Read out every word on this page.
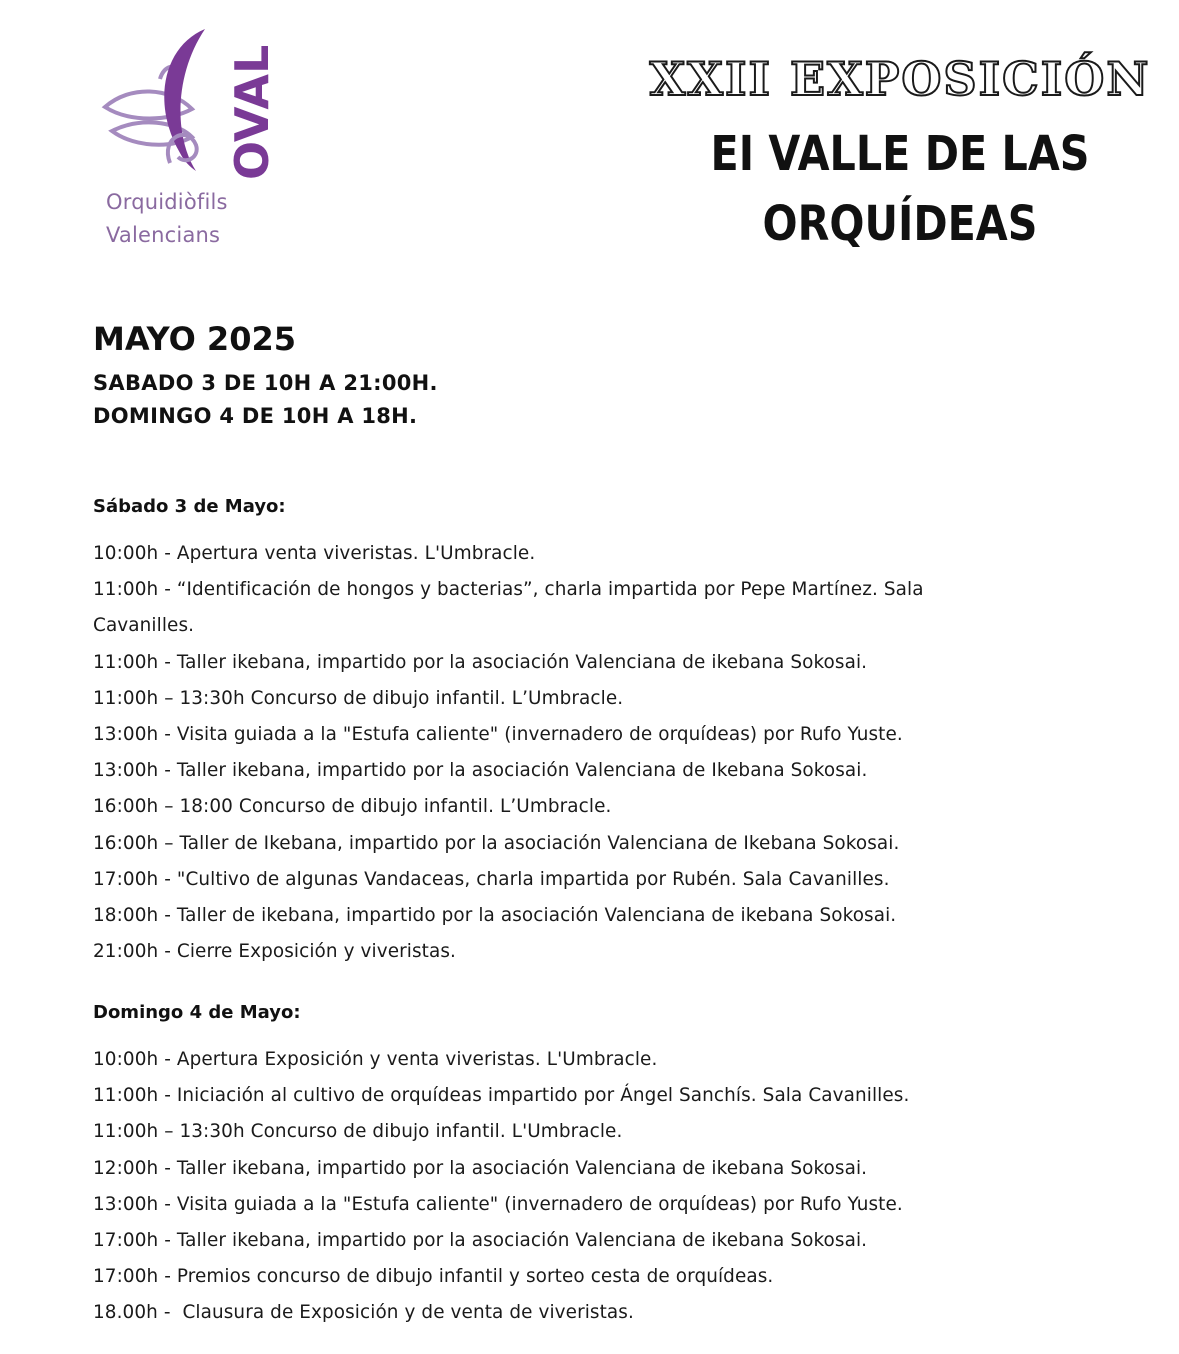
OVAL
Orquidiòfils
Valencians
XXII EXPOSICIÓN
EI VALLE DE LAS
ORQUÍDEAS
MAYO 2025
SABADO 3 DE 10H A 21:00H.
DOMINGO 4 DE 10H A 18H.
Sábado 3 de Mayo:
10:00h - Apertura venta viveristas. L'Umbracle.
11:00h - “Identificación de hongos y bacterias”, charla impartida por Pepe Martínez. Sala
Cavanilles.
11:00h - Taller ikebana, impartido por la asociación Valenciana de ikebana Sokosai.
11:00h – 13:30h Concurso de dibujo infantil. L’Umbracle.
13:00h - Visita guiada a la "Estufa caliente" (invernadero de orquídeas) por Rufo Yuste.
13:00h - Taller ikebana, impartido por la asociación Valenciana de Ikebana Sokosai.
16:00h – 18:00 Concurso de dibujo infantil. L’Umbracle.
16:00h – Taller de Ikebana, impartido por la asociación Valenciana de Ikebana Sokosai.
17:00h - "Cultivo de algunas Vandaceas, charla impartida por Rubén. Sala Cavanilles.
18:00h - Taller de ikebana, impartido por la asociación Valenciana de ikebana Sokosai.
21:00h - Cierre Exposición y viveristas.
Domingo 4 de Mayo:
10:00h - Apertura Exposición y venta viveristas. L'Umbracle.
11:00h - Iniciación al cultivo de orquídeas impartido por Ángel Sanchís. Sala Cavanilles.
11:00h – 13:30h Concurso de dibujo infantil. L'Umbracle.
12:00h - Taller ikebana, impartido por la asociación Valenciana de ikebana Sokosai.
13:00h - Visita guiada a la "Estufa caliente" (invernadero de orquídeas) por Rufo Yuste.
17:00h - Taller ikebana, impartido por la asociación Valenciana de ikebana Sokosai.
17:00h - Premios concurso de dibujo infantil y sorteo cesta de orquídeas.
18.00h -  Clausura de Exposición y de venta de viveristas.
